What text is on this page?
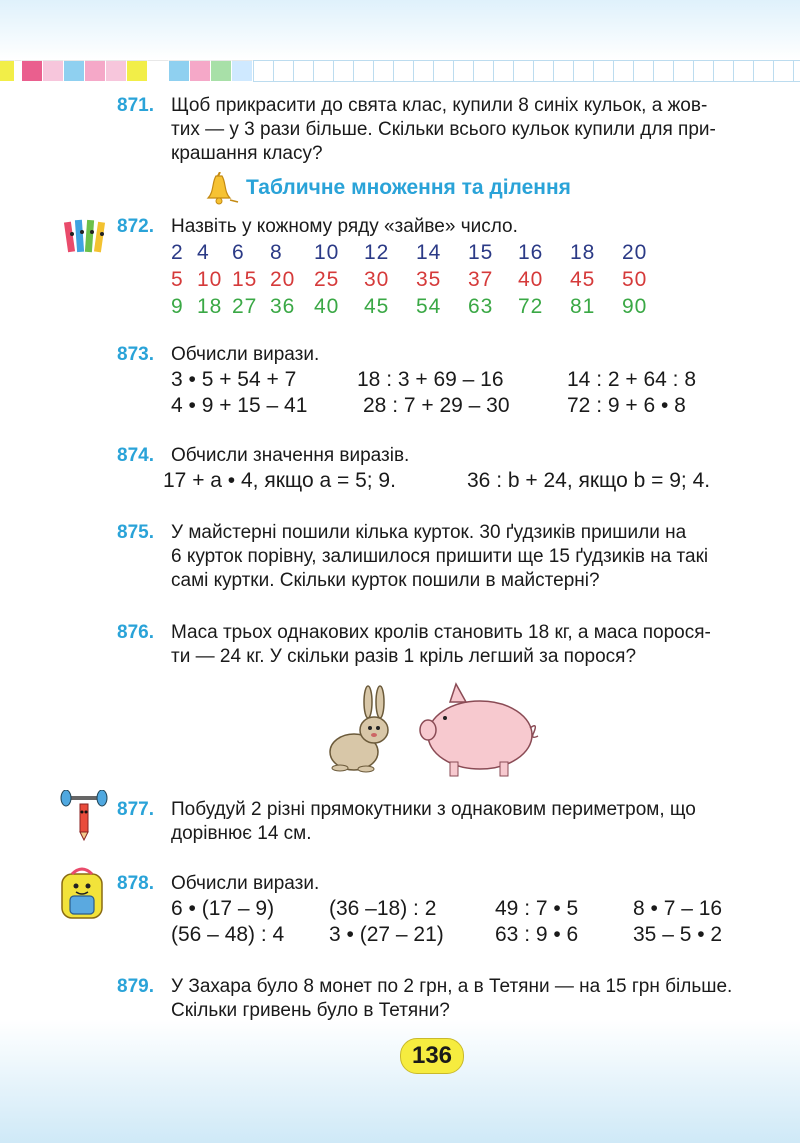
871. Щоб прикрасити до свята клас, купили 8 синіх кульок, а жов-
тих — у 3 рази більше. Скільки всього кульок купили для при-
крашання класу?
Табличне множення та ділення
872. Назвіть у кожному ряду «зайве» число.
2 4	6	8	10	12	14	15	16	18	20
5 10 15 20 25	30	35	37	40	45	50
9 18 27 36 40	45	54	63	72	81	90
873. Обчисли вирази.
3 • 5 + 54 + 7	18 : 3 + 69 – 16	14 : 2 + 64 : 8
4 • 9 + 15 – 41	28 : 7 + 29 – 30	72 : 9 + 6 • 8
874. Обчисли значення виразів.
17 + a • 4, якщо a = 5; 9.	36 : b + 24, якщо b = 9; 4.
875. У майстерні пошили кілька курток. 30 ґудзиків пришили на
6 курток порівну, залишилося пришити ще 15 ґудзиків на такі
самі куртки. Скільки курток пошили в майстерні?
876. Маса трьох однакових кролів становить 18 кг, а маса порося-
ти — 24 кг. У скільки разів 1 кріль легший за порося?
877. Побудуй 2 різні прямокутники з однаковим периметром, що
дорівнює 14 см.
878. Обчисли вирази.
6 • (17 – 9)	(36 –18) : 2	49 : 7 • 5	8 • 7 – 16
(56 – 48) : 4	3 • (27 – 21)	63 : 9 • 6	35 – 5 • 2
879. У Захара було 8 монет по 2 грн, а в Тетяни — на 15 грн більше.
Скільки гривень було в Тетяни?
136
